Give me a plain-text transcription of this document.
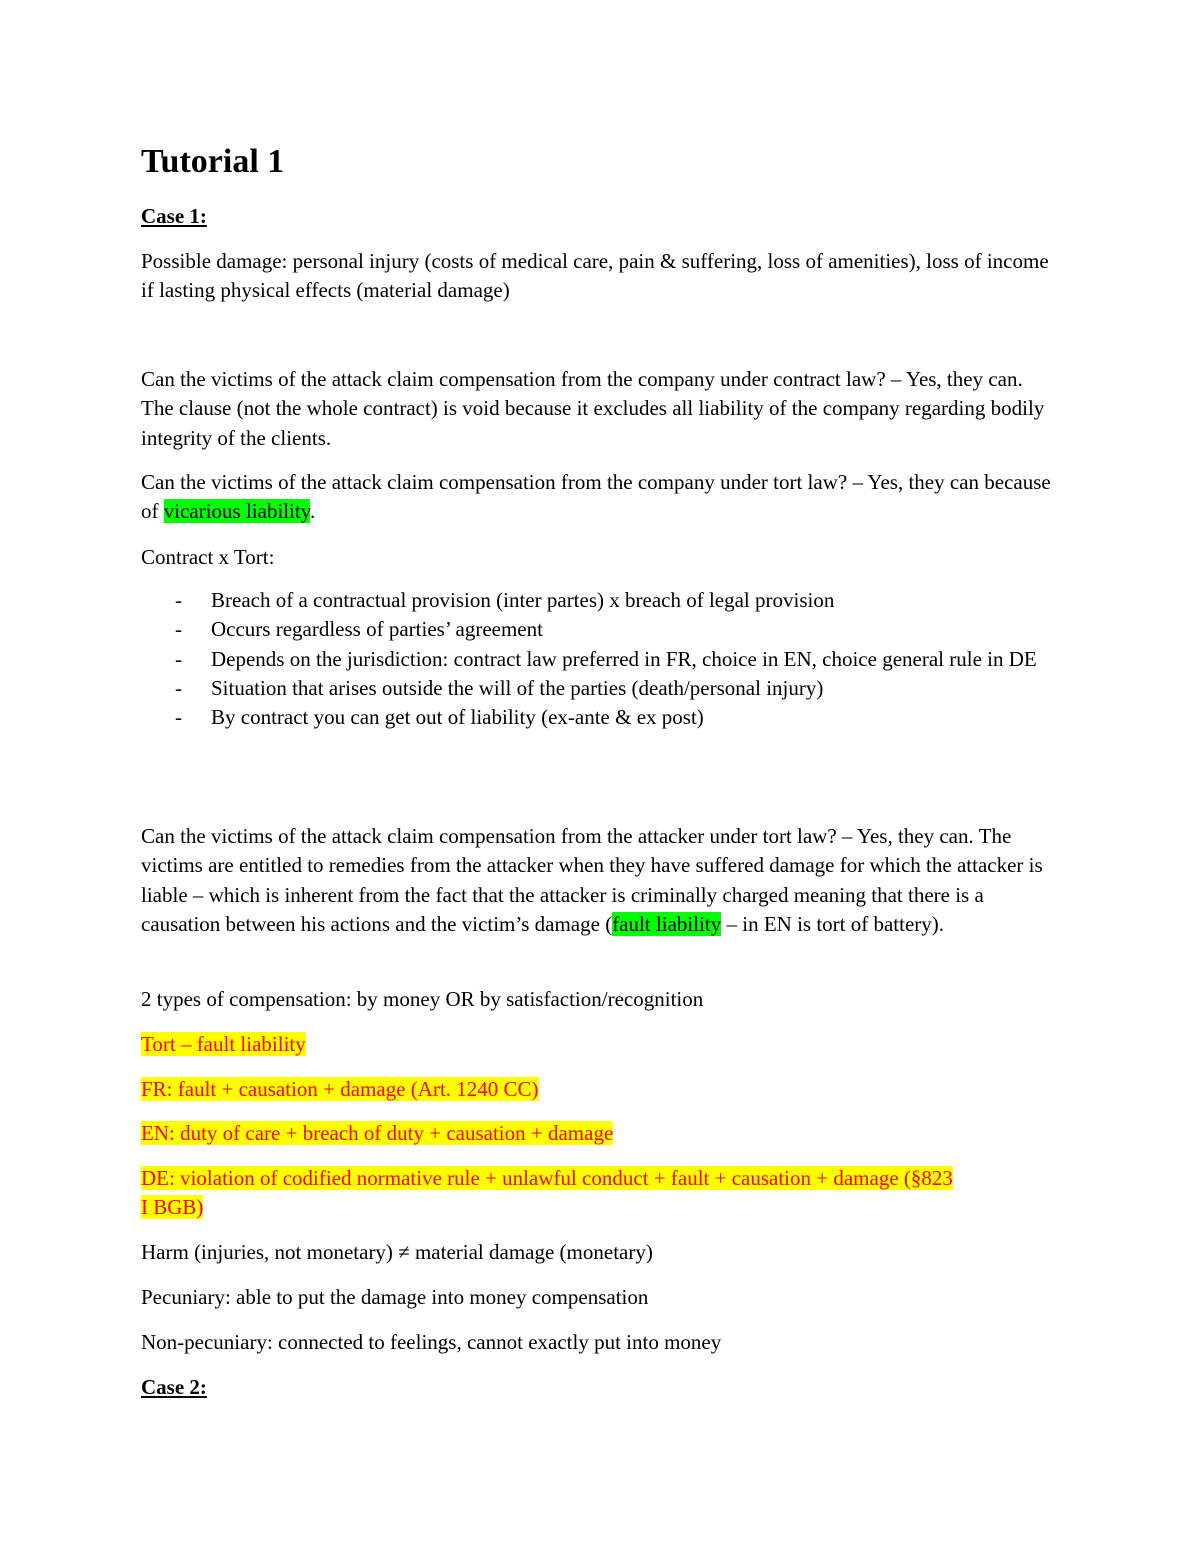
Tutorial 1

Case 1:

Possible damage: personal injury (costs of medical care, pain & suffering, loss of amenities), loss of income if lasting physical effects (material damage)

Can the victims of the attack claim compensation from the company under contract law? – Yes, they can. The clause (not the whole contract) is void because it excludes all liability of the company regarding bodily integrity of the clients.

Can the victims of the attack claim compensation from the company under tort law? – Yes, they can because of vicarious liability.

Contract x Tort:

- Breach of a contractual provision (inter partes) x breach of legal provision
- Occurs regardless of parties’ agreement
- Depends on the jurisdiction: contract law preferred in FR, choice in EN, choice general rule in DE
- Situation that arises outside the will of the parties (death/personal injury)
- By contract you can get out of liability (ex-ante & ex post)

Can the victims of the attack claim compensation from the attacker under tort law? – Yes, they can. The victims are entitled to remedies from the attacker when they have suffered damage for which the attacker is liable – which is inherent from the fact that the attacker is criminally charged meaning that there is a causation between his actions and the victim’s damage (fault liability – in EN is tort of battery).

2 types of compensation: by money OR by satisfaction/recognition

Tort – fault liability

FR: fault + causation + damage (Art. 1240 CC)

EN: duty of care + breach of duty + causation + damage

DE: violation of codified normative rule + unlawful conduct + fault + causation + damage (§823
I BGB)

Harm (injuries, not monetary) ≠ material damage (monetary)

Pecuniary: able to put the damage into money compensation

Non-pecuniary: connected to feelings, cannot exactly put into money

Case 2:
